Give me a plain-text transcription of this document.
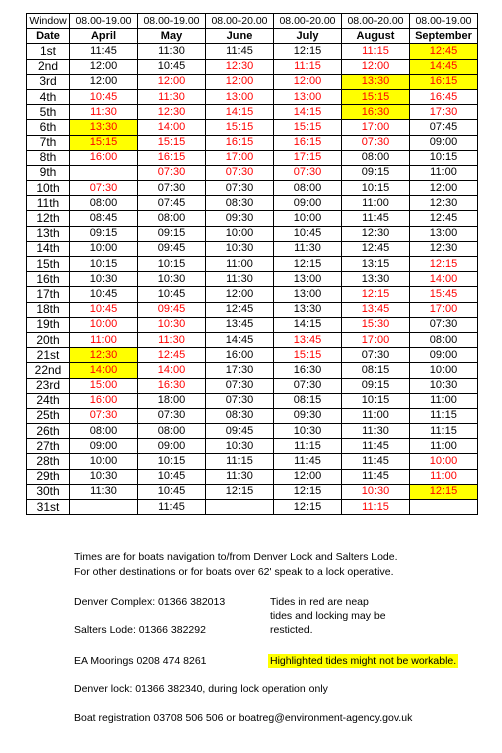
Window	08.00-19.00	08.00-19.00	08.00-20.00	08.00-20.00	08.00-20.00	08.00-19.00
Date	April	May	June	July	August	September
1st	11:45	11:30	11:45	12:15	11:15	12:45
2nd	12:00	10:45	12:30	11:15	12:00	14:45
3rd	12:00	12:00	12:00	12:00	13:30	16:15
4th	10:45	11:30	13:00	13:00	15:15	16:45
5th	11:30	12:30	14:15	14:15	16:30	17:30
6th	13:30	14:00	15:15	15:15	17:00	07:45
7th	15:15	15:15	16:15	16:15	07:30	09:00
8th	16:00	16:15	17:00	17:15	08:00	10:15
9th		07:30	07:30	07:30	09:15	11:00
10th	07:30	07:30	07:30	08:00	10:15	12:00
11th	08:00	07:45	08:30	09:00	11:00	12:30
12th	08:45	08:00	09:30	10:00	11:45	12:45
13th	09:15	09:15	10:00	10:45	12:30	13:00
14th	10:00	09:45	10:30	11:30	12:45	12:30
15th	10:15	10:15	11:00	12:15	13:15	12:15
16th	10:30	10:30	11:30	13:00	13:30	14:00
17th	10:45	10:45	12:00	13:00	12:15	15:45
18th	10:45	09:45	12:45	13:30	13:45	17:00
19th	10:00	10:30	13:45	14:15	15:30	07:30
20th	11:00	11:30	14:45	13:45	17:00	08:00
21st	12:30	12:45	16:00	15:15	07:30	09:00
22nd	14:00	14:00	17:30	16:30	08:15	10:00
23rd	15:00	16:30	07:30	07:30	09:15	10:30
24th	16:00	18:00	07:30	08:15	10:15	11:00
25th	07:30	07:30	08:30	09:30	11:00	11:15
26th	08:00	08:00	09:45	10:30	11:30	11:15
27th	09:00	09:00	10:30	11:15	11:45	11:00
28th	10:00	10:15	11:15	11:45	11:45	10:00
29th	10:30	10:45	11:30	12:00	11:45	11:00
30th	11:30	10:45	12:15	12:15	10:30	12:15
31st		11:45		12:15	11:15	
Times are for boats navigation to/from Denver Lock and Salters Lode.
For other destinations or for boats over 62' speak to a lock operative.
Denver Complex: 01366 382013	Tides in red are neap
tides and locking may be
resticted.
Salters Lode: 01366 382292
EA Moorings 0208 474 8261	Highlighted tides might not be workable.
Denver lock: 01366 382340, during lock operation only
Boat registration 03708 506 506 or boatreg@environment-agency.gov.uk
